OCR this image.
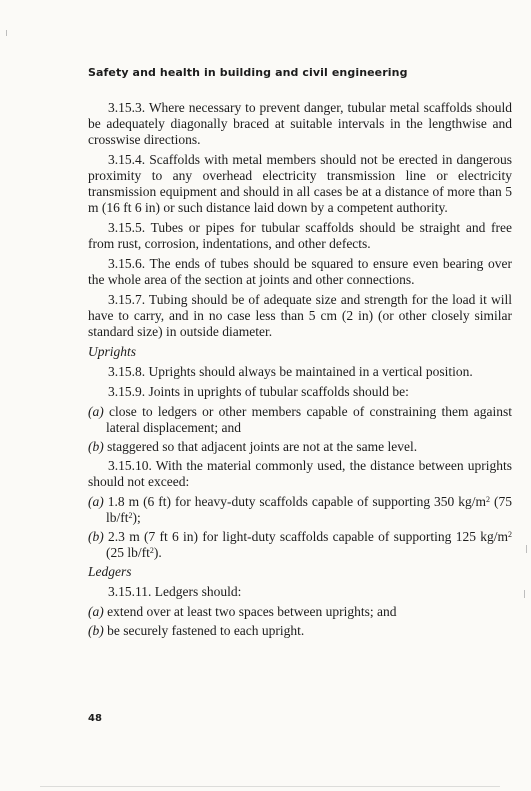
Safety and health in building and civil engineering

3.15.3. Where necessary to prevent danger, tubular metal scaffolds should be adequately diagonally braced at suitable intervals in the lengthwise and crosswise directions.

3.15.4. Scaffolds with metal members should not be erected in dangerous proximity to any overhead electricity transmission line or electricity transmission equipment and should in all cases be at a distance of more than 5 m (16 ft 6 in) or such distance laid down by a competent authority.

3.15.5. Tubes or pipes for tubular scaffolds should be straight and free from rust, corrosion, indentations, and other defects.

3.15.6. The ends of tubes should be squared to ensure even bearing over the whole area of the section at joints and other connections.

3.15.7. Tubing should be of adequate size and strength for the load it will have to carry, and in no case less than 5 cm (2 in) (or other closely similar standard size) in outside diameter.

Uprights

3.15.8. Uprights should always be maintained in a vertical position.

3.15.9. Joints in uprights of tubular scaffolds should be:

(a) close to ledgers or other members capable of constraining them against lateral displacement; and

(b) staggered so that adjacent joints are not at the same level.

3.15.10. With the material commonly used, the distance between uprights should not exceed:

(a) 1.8 m (6 ft) for heavy-duty scaffolds capable of supporting 350 $kg/m^2$ (75 $lb/ft^2$);

(b) 2.3 m (7 ft 6 in) for light-duty scaffolds capable of supporting 125 $kg/m^2$ (25 $lb/ft^2$).

Ledgers

3.15.11. Ledgers should:

(a) extend over at least two spaces between uprights; and

(b) be securely fastened to each upright.

48
